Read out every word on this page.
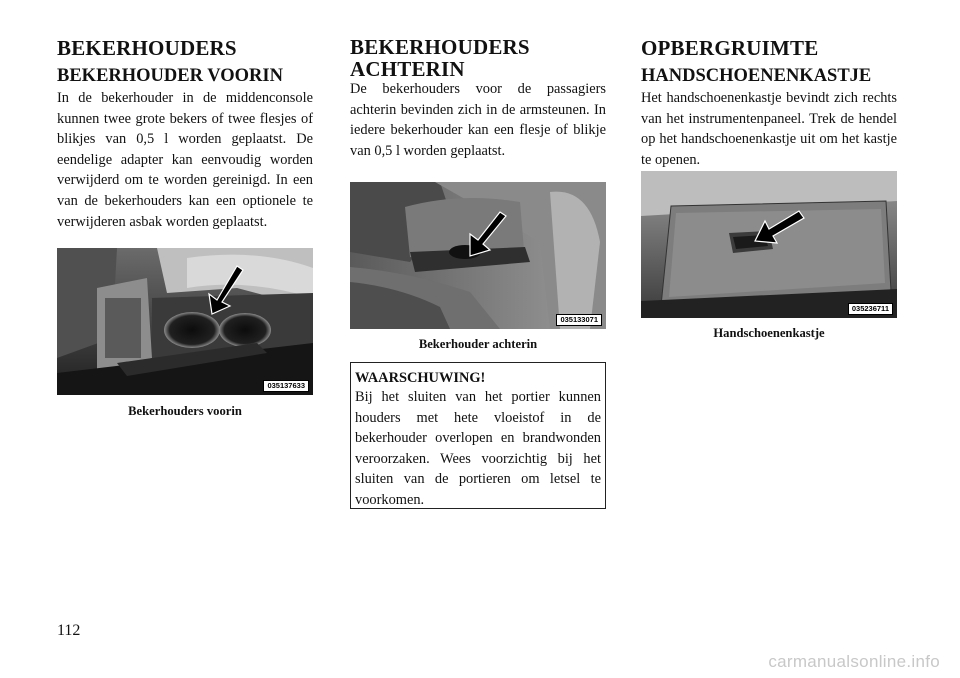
BEKERHOUDERS
BEKERHOUDER VOORIN

In de bekerhouder in de middenconsole kunnen twee grote bekers of twee flesjes of blikjes van 0,5 l worden geplaatst. De eendelige adapter kan eenvoudig worden verwijderd om te worden gereinigd. In een van de bekerhouders kan een optionele te verwijderen asbak worden geplaatst.

035137633
Bekerhouders voorin
BEKERHOUDERS
ACHTERIN

De bekerhouders voor de passagiers achterin bevinden zich in de armsteunen. In iedere bekerhouder kan een flesje of blikje van 0,5 l worden geplaatst.

035133071
Bekerhouder achterin

WAARSCHUWING!

Bij het sluiten van het portier kunnen houders met hete vloeistof in de bekerhouder overlopen en brandwonden veroorzaken. Wees voorzichtig bij het sluiten van de portieren om letsel te voorkomen.

OPBERGRUIMTE
HANDSCHOENENKASTJE

Het handschoenenkastje bevindt zich rechts van het instrumentenpaneel. Trek de hendel op het handschoenenkastje uit om het kastje te openen.

035236711
Handschoenenkastje
112
carmanualsonline.info
